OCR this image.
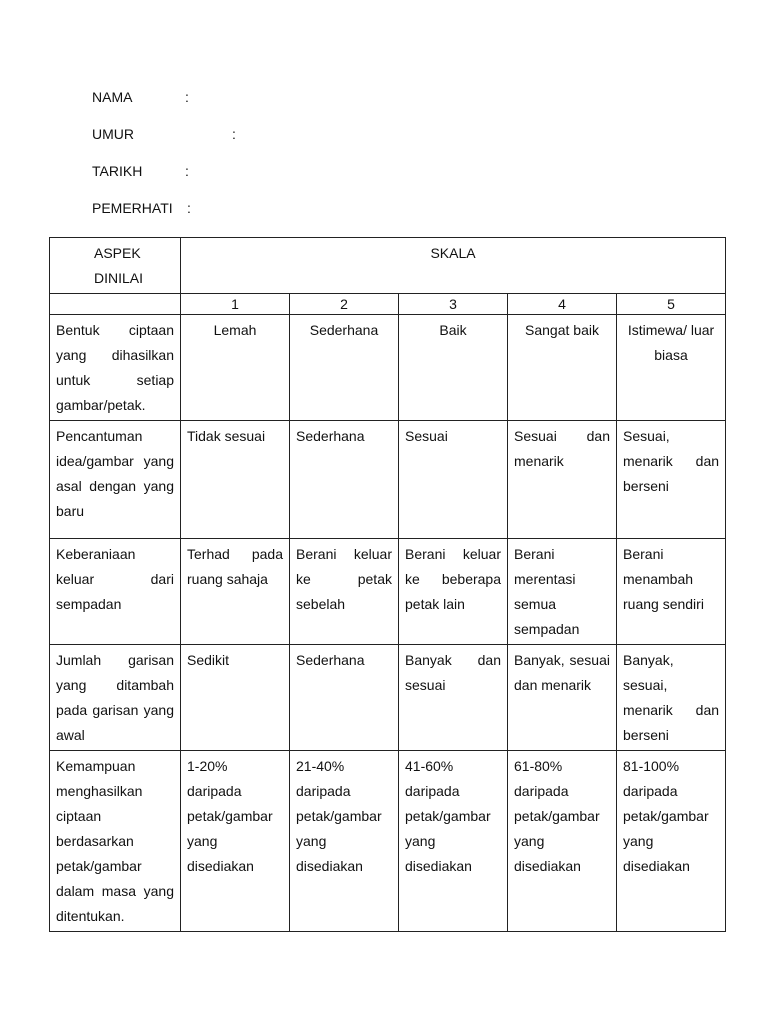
NAMA	:
UMUR	:
TARIKH	:
PEMERHATI :
ASPEK DINILAI	SKALA				
	1	2	3	4	5
Bentuk ciptaan yang dihasilkan untuk setiap gambar/petak.	Lemah	Sederhana	Baik	Sangat baik	Istimewa/ luar biasa
Pencantuman idea/gambar yang asal dengan yang baru	Tidak sesuai	Sederhana	Sesuai	Sesuai dan menarik	Sesuai, menarik dan berseni
Keberaniaan keluar dari sempadan	Terhad pada ruang sahaja	Berani keluar ke petak sebelah	Berani keluar ke beberapa petak lain	Berani merentasi semua sempadan	Berani menambah ruang sendiri
Jumlah garisan yang ditambah pada garisan yang awal	Sedikit	Sederhana	Banyak dan sesuai	Banyak, sesuai dan menarik	Banyak, sesuai, menarik dan berseni
Kemampuan menghasilkan ciptaan berdasarkan petak/gambar dalam masa yang ditentukan.	1-20% daripada petak/gambar yang disediakan	21-40% daripada petak/gambar yang disediakan	41-60% daripada petak/gambar yang disediakan	61-80% daripada petak/gambar yang disediakan	81-100% daripada petak/gambar yang disediakan
